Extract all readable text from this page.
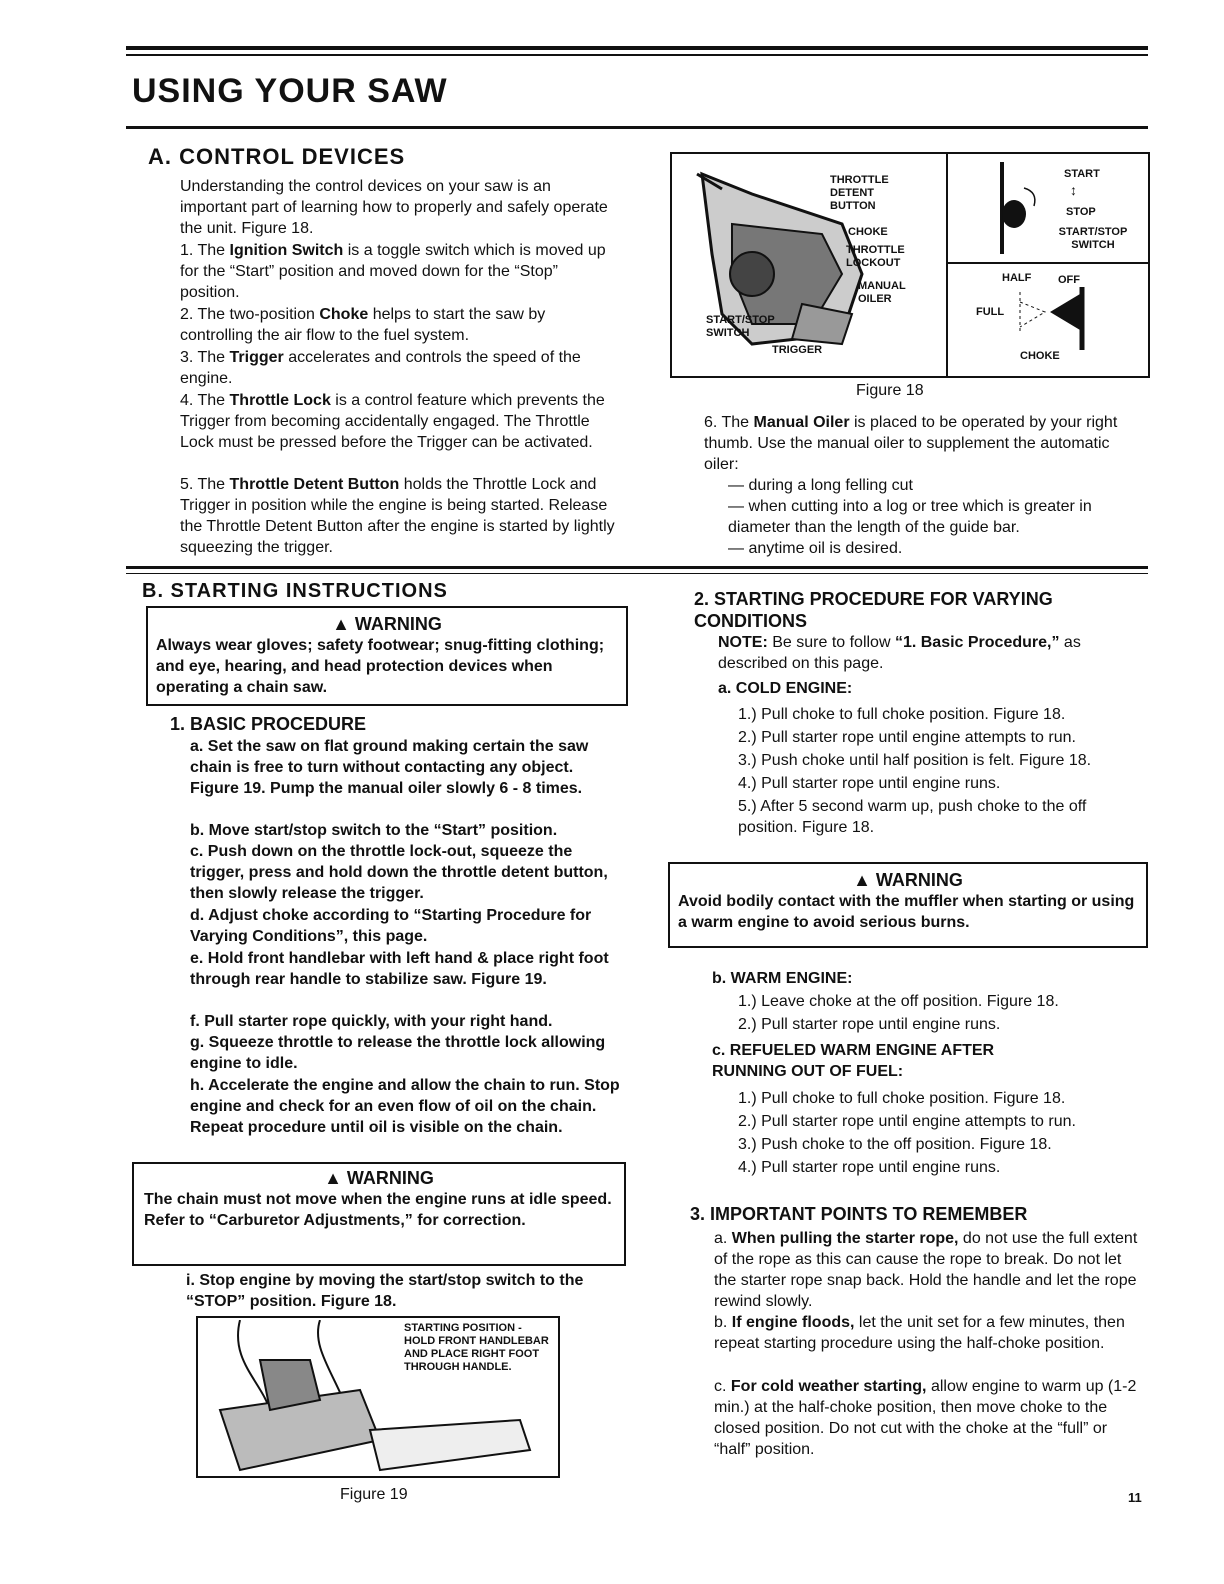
USING YOUR SAW
A. CONTROL DEVICES
Understanding the control devices on your saw is an important part of learning how to properly and safely operate the unit. Figure 18.
1. The Ignition Switch is a toggle switch which is moved up for the “Start” position and moved down for the “Stop” position.
2. The two-position Choke helps to start the saw by controlling the air flow to the fuel system.
3. The Trigger accelerates and controls the speed of the engine.
4. The Throttle Lock is a control feature which prevents the Trigger from becoming accidentally engaged. The Throttle Lock must be pressed before the Trigger can be activated.
5. The Throttle Detent Button holds the Throttle Lock and Trigger in position while the engine is being started. Release the Throttle Detent Button after the engine is started by lightly squeezing the trigger.
THROTTLE DETENT BUTTON
CHOKE
THROTTLE LOCKOUT
MANUAL OILER
START/STOP SWITCH
TRIGGER
START
↕
STOP
START/STOP SWITCH
HALF OFF
FULL
CHOKE
Figure 18
6. The Manual Oiler is placed to be operated by your right thumb. Use the manual oiler to supplement the automatic oiler:
— during a long felling cut
— when cutting into a log or tree which is greater in diameter than the length of the guide bar.
— anytime oil is desired.
B. STARTING INSTRUCTIONS
▲ WARNING
Always wear gloves; safety footwear; snug-fitting clothing; and eye, hearing, and head protection devices when operating a chain saw.
1. BASIC PROCEDURE
a. Set the saw on flat ground making certain the saw chain is free to turn without contacting any object. Figure 19. Pump the manual oiler slowly 6 - 8 times.
b. Move start/stop switch to the “Start” position.
c. Push down on the throttle lock-out, squeeze the trigger, press and hold down the throttle detent button, then slowly release the trigger.
d. Adjust choke according to “Starting Procedure for Varying Conditions”, this page.
e. Hold front handlebar with left hand & place right foot through rear handle to stabilize saw. Figure 19.
f. Pull starter rope quickly, with your right hand.
g. Squeeze throttle to release the throttle lock allowing engine to idle.
h. Accelerate the engine and allow the chain to run. Stop engine and check for an even flow of oil on the chain. Repeat procedure until oil is visible on the chain.
▲ WARNING
The chain must not move when the engine runs at idle speed. Refer to “Carburetor Adjustments,” for correction.
i. Stop engine by moving the start/stop switch to the “STOP” position. Figure 18.
STARTING POSITION - HOLD FRONT HANDLEBAR AND PLACE RIGHT FOOT THROUGH HANDLE.
Figure 19
2. STARTING PROCEDURE FOR VARYING CONDITIONS
NOTE: Be sure to follow “1. Basic Procedure,” as described on this page.
a. COLD ENGINE:
1.) Pull choke to full choke position. Figure 18.
2.) Pull starter rope until engine attempts to run.
3.) Push choke until half position is felt. Figure 18.
4.) Pull starter rope until engine runs.
5.) After 5 second warm up, push choke to the off position. Figure 18.
▲ WARNING
Avoid bodily contact with the muffler when starting or using a warm engine to avoid serious burns.
b. WARM ENGINE:
1.) Leave choke at the off position. Figure 18.
2.) Pull starter rope until engine runs.
c. REFUELED WARM ENGINE AFTER RUNNING OUT OF FUEL:
1.) Pull choke to full choke position. Figure 18.
2.) Pull starter rope until engine attempts to run.
3.) Push choke to the off position. Figure 18.
4.) Pull starter rope until engine runs.
3. IMPORTANT POINTS TO REMEMBER
a. When pulling the starter rope, do not use the full extent of the rope as this can cause the rope to break. Do not let the starter rope snap back. Hold the handle and let the rope rewind slowly.
b. If engine floods, let the unit set for a few minutes, then repeat starting procedure using the half-choke position.
c. For cold weather starting, allow engine to warm up (1-2 min.) at the half-choke position, then move choke to the closed position. Do not cut with the choke at the “full” or “half” position.
11
